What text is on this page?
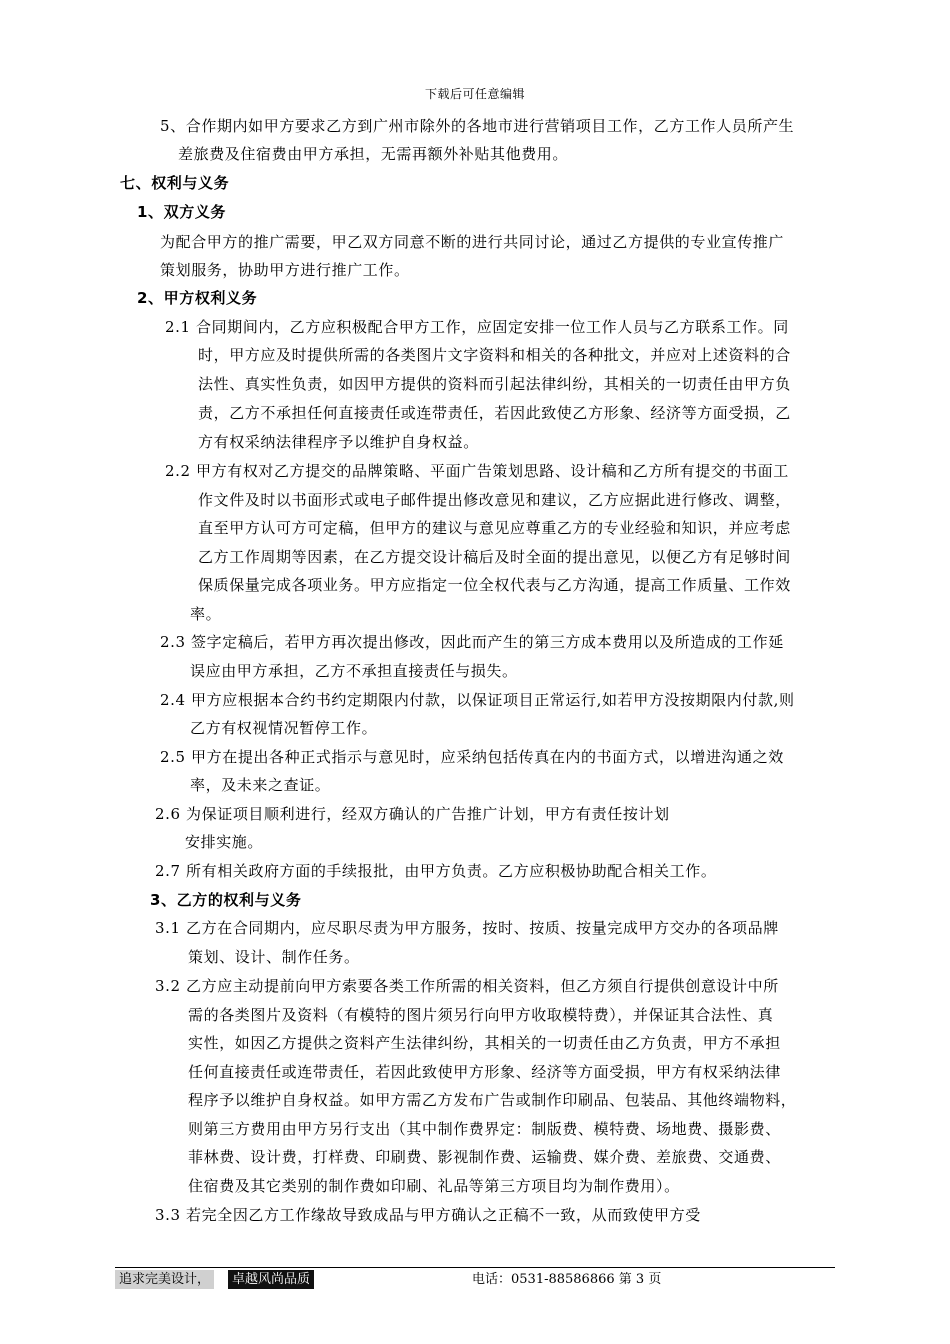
下载后可任意编辑
5、合作期内如甲方要求乙方到广州市除外的各地市进行营销项目工作，乙方工作人员所产生
差旅费及住宿费由甲方承担，无需再额外补贴其他费用。
七、权利与义务
1、双方义务
为配合甲方的推广需要，甲乙双方同意不断的进行共同讨论，通过乙方提供的专业宣传推广
策划服务，协助甲方进行推广工作。
2、甲方权利义务
2.1 合同期间内，乙方应积极配合甲方工作，应固定安排一位工作人员与乙方联系工作。同
时，甲方应及时提供所需的各类图片文字资料和相关的各种批文，并应对上述资料的合
法性、真实性负责，如因甲方提供的资料而引起法律纠纷，其相关的一切责任由甲方负
责，乙方不承担任何直接责任或连带责任，若因此致使乙方形象、经济等方面受损，乙
方有权采纳法律程序予以维护自身权益。
2.2 甲方有权对乙方提交的品牌策略、平面广告策划思路、设计稿和乙方所有提交的书面工
作文件及时以书面形式或电子邮件提出修改意见和建议，乙方应据此进行修改、调整，
直至甲方认可方可定稿，但甲方的建议与意见应尊重乙方的专业经验和知识，并应考虑
乙方工作周期等因素，在乙方提交设计稿后及时全面的提出意见，以便乙方有足够时间
保质保量完成各项业务。甲方应指定一位全权代表与乙方沟通，提高工作质量、工作效
率。
2.3 签字定稿后，若甲方再次提出修改，因此而产生的第三方成本费用以及所造成的工作延
误应由甲方承担，乙方不承担直接责任与损失。
2.4 甲方应根据本合约书约定期限内付款，以保证项目正常运行,如若甲方没按期限内付款,则
乙方有权视情况暂停工作。
2.5 甲方在提出各种正式指示与意见时，应采纳包括传真在内的书面方式，以增进沟通之效
率，及未来之查证。
2.6 为保证项目顺利进行，经双方确认的广告推广计划，甲方有责任按计划
安排实施。
2.7 所有相关政府方面的手续报批，由甲方负责。乙方应积极协助配合相关工作。
3、乙方的权利与义务
3.1 乙方在合同期内，应尽职尽责为甲方服务，按时、按质、按量完成甲方交办的各项品牌
策划、设计、制作任务。
3.2 乙方应主动提前向甲方索要各类工作所需的相关资料，但乙方须自行提供创意设计中所
需的各类图片及资料（有模特的图片须另行向甲方收取模特费），并保证其合法性、真
实性，如因乙方提供之资料产生法律纠纷，其相关的一切责任由乙方负责，甲方不承担
任何直接责任或连带责任，若因此致使甲方形象、经济等方面受损，甲方有权采纳法律
程序予以维护自身权益。如甲方需乙方发布广告或制作印刷品、包装品、其他终端物料，
则第三方费用由甲方另行支出（其中制作费界定：制版费、模特费、场地费、摄影费、
菲林费、设计费，打样费、印刷费、影视制作费、运输费、媒介费、差旅费、交通费、
住宿费及其它类别的制作费如印刷、礼品等第三方项目均为制作费用）。
3.3 若完全因乙方工作缘故导致成品与甲方确认之正稿不一致，从而致使甲方受
追求完美设计，	卓越风尚品质	电话：0531-88586866 第 3 页
